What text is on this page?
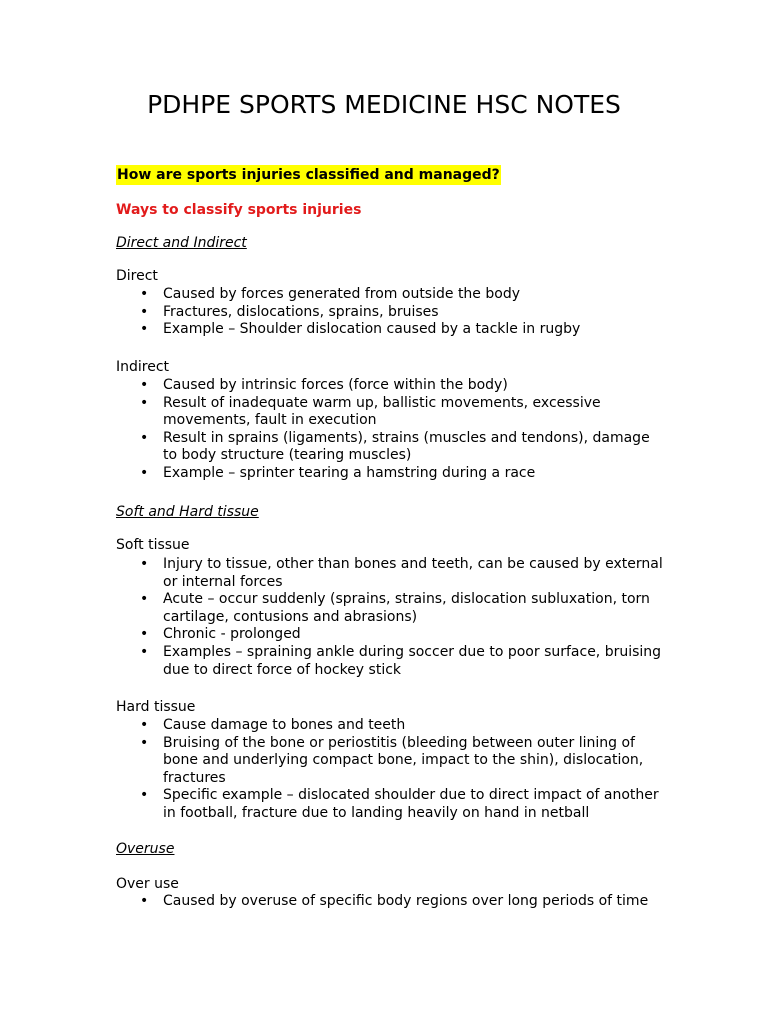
PDHPE SPORTS MEDICINE HSC NOTES
How are sports injuries classified and managed?
Ways to classify sports injuries
Direct and Indirect
Direct
• Caused by forces generated from outside the body
• Fractures, dislocations, sprains, bruises
• Example – Shoulder dislocation caused by a tackle in rugby
Indirect
• Caused by intrinsic forces (force within the body)
• Result of inadequate warm up, ballistic movements, excessive movements, fault in execution
• Result in sprains (ligaments), strains (muscles and tendons), damage to body structure (tearing muscles)
• Example – sprinter tearing a hamstring during a race
Soft and Hard tissue
Soft tissue
• Injury to tissue, other than bones and teeth, can be caused by external or internal forces
• Acute – occur suddenly (sprains, strains, dislocation subluxation, torn cartilage, contusions and abrasions)
• Chronic - prolonged
• Examples – spraining ankle during soccer due to poor surface, bruising due to direct force of hockey stick
Hard tissue
• Cause damage to bones and teeth
• Bruising of the bone or periostitis (bleeding between outer lining of bone and underlying compact bone, impact to the shin), dislocation, fractures
• Specific example – dislocated shoulder due to direct impact of another in football, fracture due to landing heavily on hand in netball
Overuse
Over use
• Caused by overuse of specific body regions over long periods of time
